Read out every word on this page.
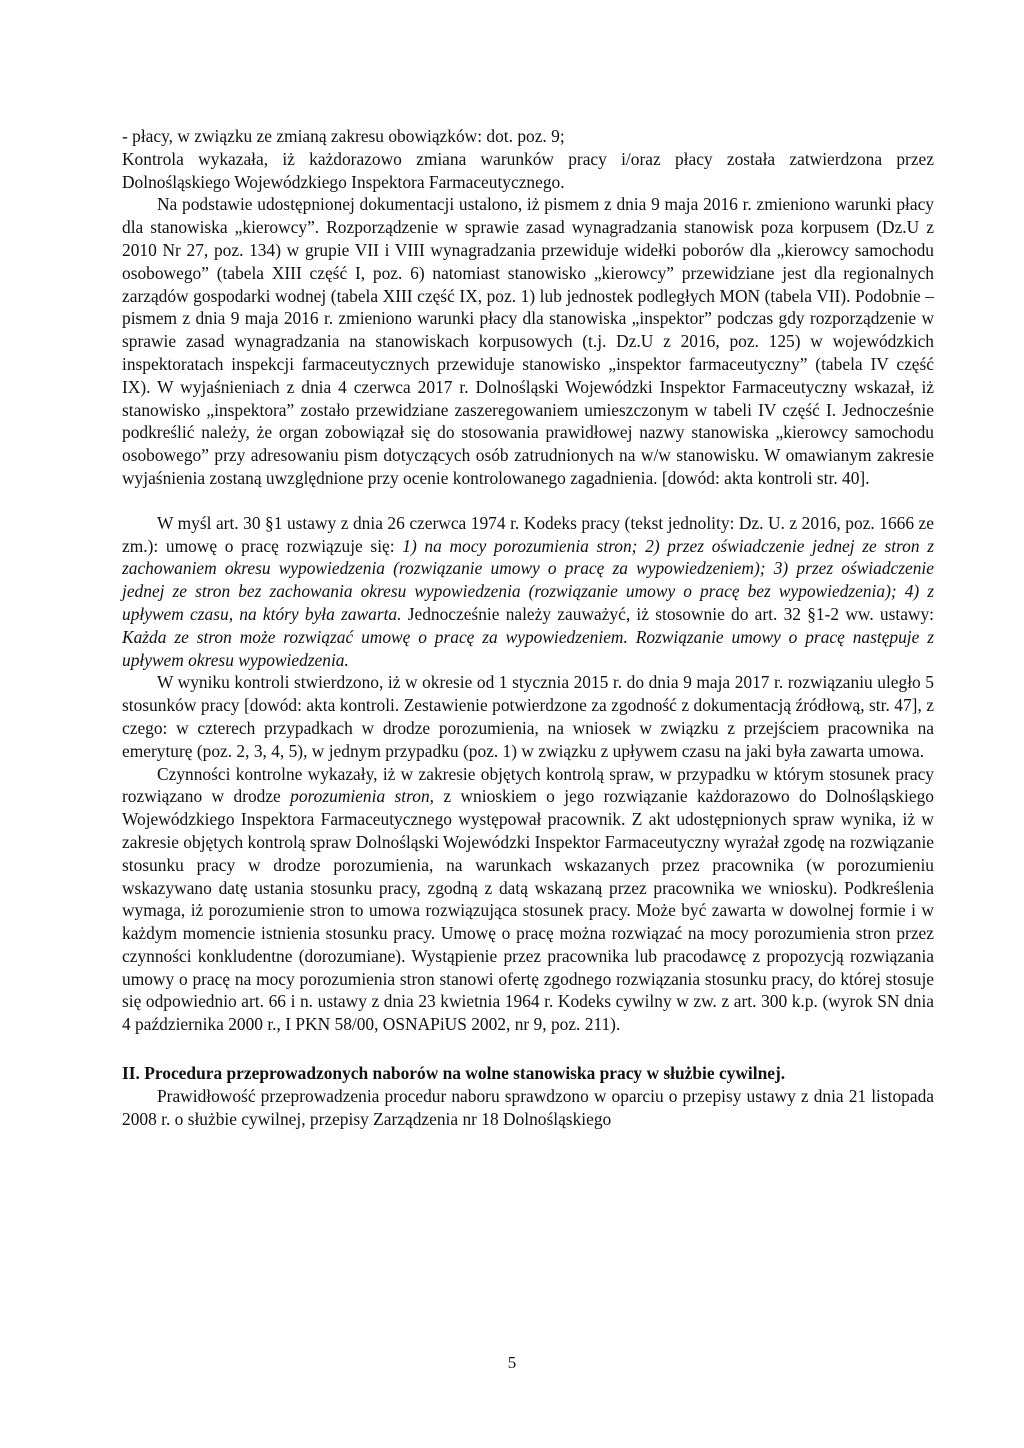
- płacy, w związku ze zmianą zakresu obowiązków: dot. poz. 9;

Kontrola wykazała, iż każdorazowo zmiana warunków pracy i/oraz płacy została zatwierdzona przez Dolnośląskiego Wojewódzkiego Inspektora Farmaceutycznego.

Na podstawie udostępnionej dokumentacji ustalono, iż pismem z dnia 9 maja 2016 r. zmieniono warunki płacy dla stanowiska „kierowcy”. Rozporządzenie w sprawie zasad wynagradzania stanowisk poza korpusem (Dz.U z 2010 Nr 27, poz. 134) w grupie VII i VIII wynagradzania przewiduje widełki poborów dla „kierowcy samochodu osobowego” (tabela XIII część I, poz. 6) natomiast stanowisko „kierowcy” przewidziane jest dla regionalnych zarządów gospodarki wodnej (tabela XIII część IX, poz. 1) lub jednostek podległych MON (tabela VII). Podobnie – pismem z dnia 9 maja 2016 r. zmieniono warunki płacy dla stanowiska „inspektor” podczas gdy rozporządzenie w sprawie zasad wynagradzania na stanowiskach korpusowych (t.j. Dz.U z 2016, poz. 125) w wojewódzkich inspektoratach inspekcji farmaceutycznych przewiduje stanowisko „inspektor farmaceutyczny” (tabela IV część IX). W wyjaśnieniach z dnia 4 czerwca 2017 r. Dolnośląski Wojewódzki Inspektor Farmaceutyczny wskazał, iż stanowisko „inspektora” zostało przewidziane zaszeregowaniem umieszczonym w tabeli IV część I. Jednocześnie podkreślić należy, że organ zobowiązał się do stosowania prawidłowej nazwy stanowiska „kierowcy samochodu osobowego” przy adresowaniu pism dotyczących osób zatrudnionych na w/w stanowisku. W omawianym zakresie wyjaśnienia zostaną uwzględnione przy ocenie kontrolowanego zagadnienia. [dowód: akta kontroli str. 40].

W myśl art. 30 §1 ustawy z dnia 26 czerwca 1974 r. Kodeks pracy (tekst jednolity: Dz. U. z 2016, poz. 1666 ze zm.): umowę o pracę rozwiązuje się: 1) na mocy porozumienia stron; 2) przez oświadczenie jednej ze stron z zachowaniem okresu wypowiedzenia (rozwiązanie umowy o pracę za wypowiedzeniem); 3) przez oświadczenie jednej ze stron bez zachowania okresu wypowiedzenia (rozwiązanie umowy o pracę bez wypowiedzenia); 4) z upływem czasu, na który była zawarta. Jednocześnie należy zauważyć, iż stosownie do art. 32 §1-2 ww. ustawy: Każda ze stron może rozwiązać umowę o pracę za wypowiedzeniem. Rozwiązanie umowy o pracę następuje z upływem okresu wypowiedzenia.

W wyniku kontroli stwierdzono, iż w okresie od 1 stycznia 2015 r. do dnia 9 maja 2017 r. rozwiązaniu uległo 5 stosunków pracy [dowód: akta kontroli. Zestawienie potwierdzone za zgodność z dokumentacją źródłową, str. 47], z czego: w czterech przypadkach w drodze porozumienia, na wniosek w związku z przejściem pracownika na emeryturę (poz. 2, 3, 4, 5), w jednym przypadku (poz. 1) w związku z upływem czasu na jaki była zawarta umowa.

Czynności kontrolne wykazały, iż w zakresie objętych kontrolą spraw, w przypadku w którym stosunek pracy rozwiązano w drodze porozumienia stron, z wnioskiem o jego rozwiązanie każdorazowo do Dolnośląskiego Wojewódzkiego Inspektora Farmaceutycznego występował pracownik. Z akt udostępnionych spraw wynika, iż w zakresie objętych kontrolą spraw Dolnośląski Wojewódzki Inspektor Farmaceutyczny wyrażał zgodę na rozwiązanie stosunku pracy w drodze porozumienia, na warunkach wskazanych przez pracownika (w porozumieniu wskazywano datę ustania stosunku pracy, zgodną z datą wskazaną przez pracownika we wniosku). Podkreślenia wymaga, iż porozumienie stron to umowa rozwiązująca stosunek pracy. Może być zawarta w dowolnej formie i w każdym momencie istnienia stosunku pracy. Umowę o pracę można rozwiązać na mocy porozumienia stron przez czynności konkludentne (dorozumiane). Wystąpienie przez pracownika lub pracodawcę z propozycją rozwiązania umowy o pracę na mocy porozumienia stron stanowi ofertę zgodnego rozwiązania stosunku pracy, do której stosuje się odpowiednio art. 66 i n. ustawy z dnia 23 kwietnia 1964 r. Kodeks cywilny w zw. z art. 300 k.p. (wyrok SN dnia 4 października 2000 r., I PKN 58/00, OSNAPiUS 2002, nr 9, poz. 211).

II. Procedura przeprowadzonych naborów na wolne stanowiska pracy w służbie cywilnej.

Prawidłowość przeprowadzenia procedur naboru sprawdzono w oparciu o przepisy ustawy z dnia 21 listopada 2008 r. o służbie cywilnej, przepisy Zarządzenia nr 18 Dolnośląskiego

5
